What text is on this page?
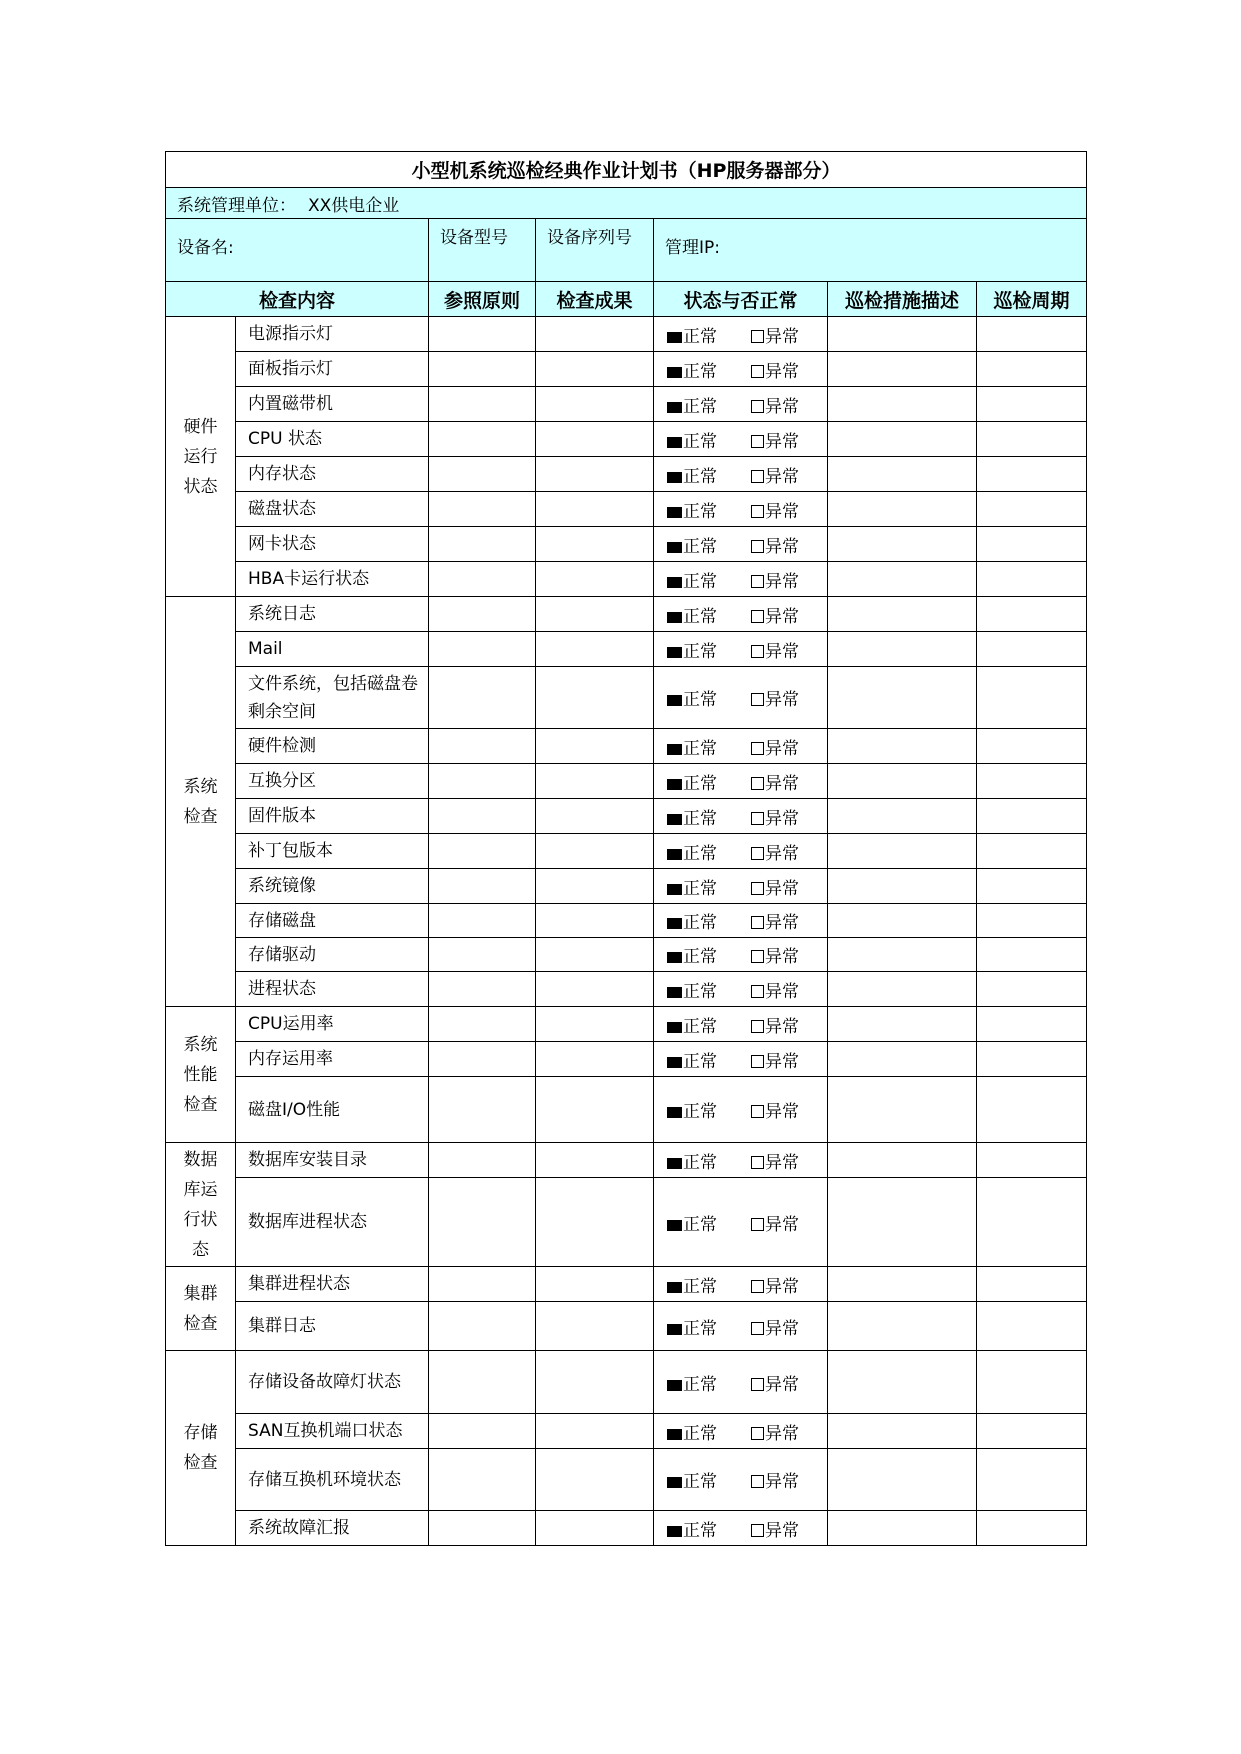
小型机系统巡检经典作业计划书（HP服务器部分）						
系统管理单位： XX供电企业						

设备名:		设备型号	设备序列号	管理IP:		

检查内容		参照原则	检查成果	状态与否正常	巡检措施描述	巡检周期
硬件
运行
状态	电源指示灯			正常 异常		
	面板指示灯			正常 异常		
	内置磁带机			正常 异常		
	CPU 状态			正常 异常		
	内存状态			正常 异常		
	磁盘状态			正常 异常		
	网卡状态			正常 异常		
	HBA卡运行状态			正常 异常		
系统
检查	系统日志			正常 异常		
	Mail			正常 异常		
	文件系统，包括磁盘卷剩余空间			正常 异常		
	硬件检测			正常 异常		
	互换分区			正常 异常		
	固件版本			正常 异常		
	补丁包版本			正常 异常		
	系统镜像			正常 异常		
	存储磁盘			正常 异常		
	存储驱动			正常 异常		
	进程状态			正常 异常		
系统
性能
检查	CPU运用率			正常 异常		
	内存运用率			正常 异常		
	磁盘I/O性能			正常 异常		
数据
库运
行状
态	数据库安装目录			正常 异常		
	数据库进程状态			正常 异常		
集群
检查	集群进程状态			正常 异常		
	集群日志			正常 异常		
存储
检查	存储设备故障灯状态			正常 异常		
	SAN互换机端口状态			正常 异常		
	存储互换机环境状态			正常 异常		
	系统故障汇报			正常 异常		
